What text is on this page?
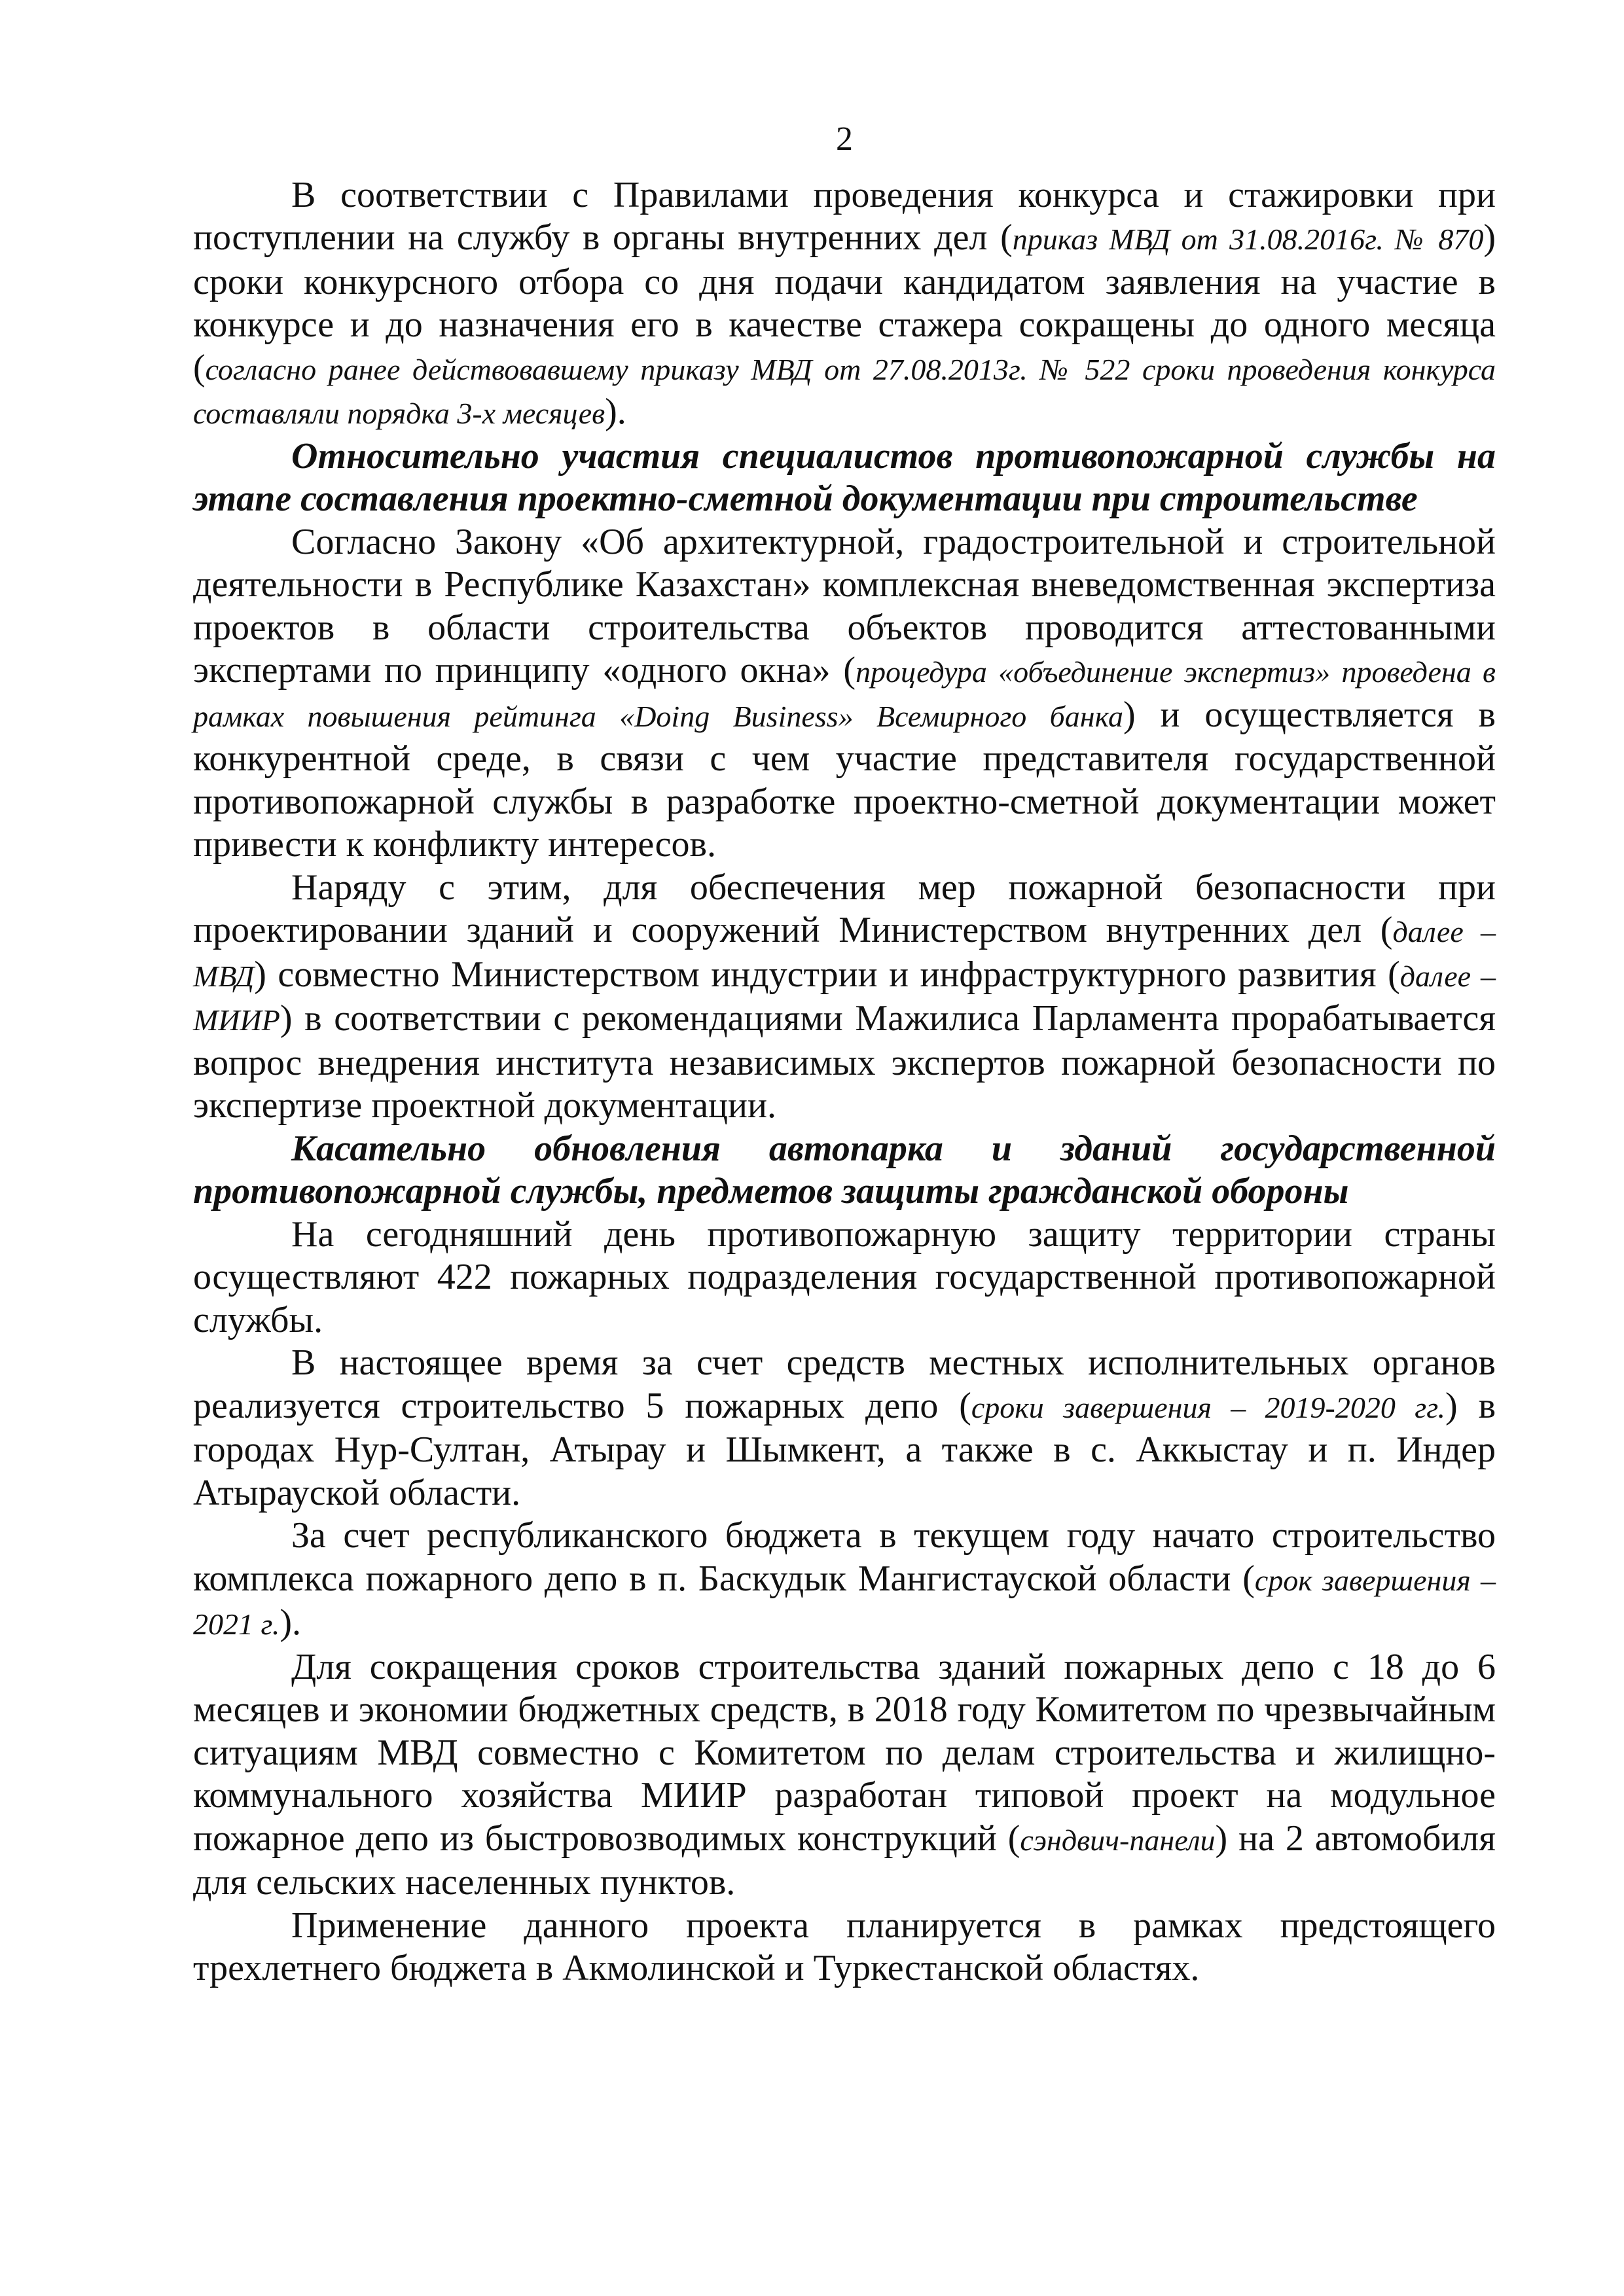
2

В соответствии с Правилами проведения конкурса и стажировки при поступлении на службу в органы внутренних дел (приказ МВД от 31.08.2016г. № 870) сроки конкурсного отбора со дня подачи кандидатом заявления на участие в конкурсе и до назначения его в качестве стажера сокращены до одного месяца (согласно ранее действовавшему приказу МВД от 27.08.2013г. № 522 сроки проведения конкурса составляли порядка 3-х месяцев).

Относительно участия специалистов противопожарной службы на этапе составления проектно-сметной документации при строительстве

Согласно Закону «Об архитектурной, градостроительной и строительной деятельности в Республике Казахстан» комплексная вневедомственная экспертиза проектов в области строительства объектов проводится аттестованными экспертами по принципу «одного окна» (процедура «объединение экспертиз» проведена в рамках повышения рейтинга «Doing Business» Всемирного банка) и осуществляется в конкурентной среде, в связи с чем участие представителя государственной противопожарной службы в разработке проектно-сметной документации может привести к конфликту интересов.

Наряду с этим, для обеспечения мер пожарной безопасности при проектировании зданий и сооружений Министерством внутренних дел (далее – МВД) совместно Министерством индустрии и инфраструктурного развития (далее – МИИР) в соответствии с рекомендациями Мажилиса Парламента прорабатывается вопрос внедрения института независимых экспертов пожарной безопасности по экспертизе проектной документации.

Касательно обновления автопарка и зданий государственной противопожарной службы, предметов защиты гражданской обороны

На сегодняшний день противопожарную защиту территории страны осуществляют 422 пожарных подразделения государственной противопожарной службы.

В настоящее время за счет средств местных исполнительных органов реализуется строительство 5 пожарных депо (сроки завершения – 2019-2020 гг.) в городах Нур-Султан, Атырау и Шымкент, а также в с. Аккыстау и п. Индер Атырауской области.

За счет республиканского бюджета в текущем году начато строительство комплекса пожарного депо в п. Баскудык Мангистауской области (срок завершения – 2021 г.).

Для сокращения сроков строительства зданий пожарных депо с 18 до 6 месяцев и экономии бюджетных средств, в 2018 году Комитетом по чрезвычайным ситуациям МВД совместно с Комитетом по делам строительства и жилищно-коммунального хозяйства МИИР разработан типовой проект на модульное пожарное депо из быстровозводимых конструкций (сэндвич-панели) на 2 автомобиля для сельских населенных пунктов.

Применение данного проекта планируется в рамках предстоящего трехлетнего бюджета в Акмолинской и Туркестанской областях.
